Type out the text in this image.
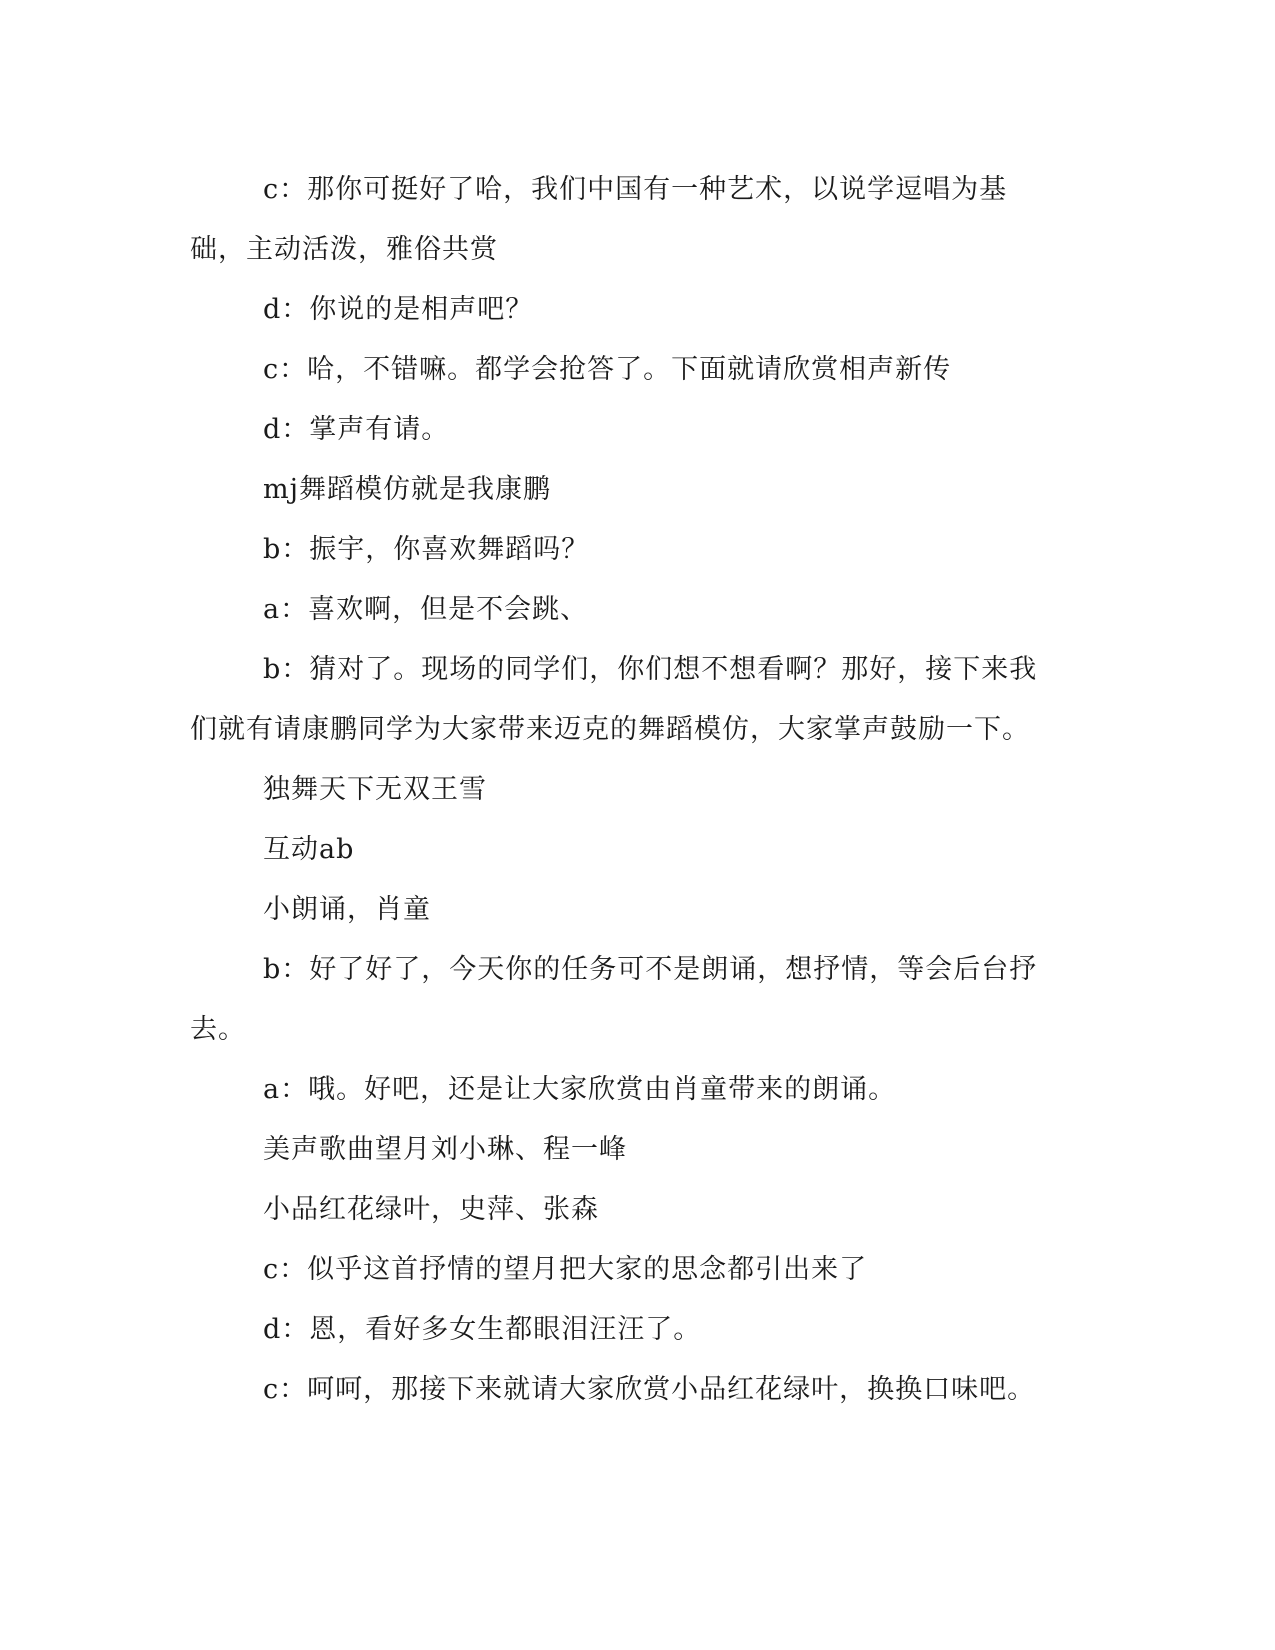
c：那你可挺好了哈，我们中国有一种艺术，以说学逗唱为基础，主动活泼，雅俗共赏

d：你说的是相声吧？

c：哈，不错嘛。都学会抢答了。下面就请欣赏相声新传

d：掌声有请。

mj舞蹈模仿就是我康鹏

b：振宇，你喜欢舞蹈吗？

a：喜欢啊，但是不会跳、

b：猜对了。现场的同学们，你们想不想看啊？那好，接下来我们就有请康鹏同学为大家带来迈克的舞蹈模仿，大家掌声鼓励一下。

独舞天下无双王雪

互动ab

小朗诵，肖童

b：好了好了，今天你的任务可不是朗诵，想抒情，等会后台抒去。

a：哦。好吧，还是让大家欣赏由肖童带来的朗诵。

美声歌曲望月刘小琳、程一峰

小品红花绿叶，史萍、张森

c：似乎这首抒情的望月把大家的思念都引出来了

d：恩，看好多女生都眼泪汪汪了。

c：呵呵，那接下来就请大家欣赏小品红花绿叶，换换口味吧。
